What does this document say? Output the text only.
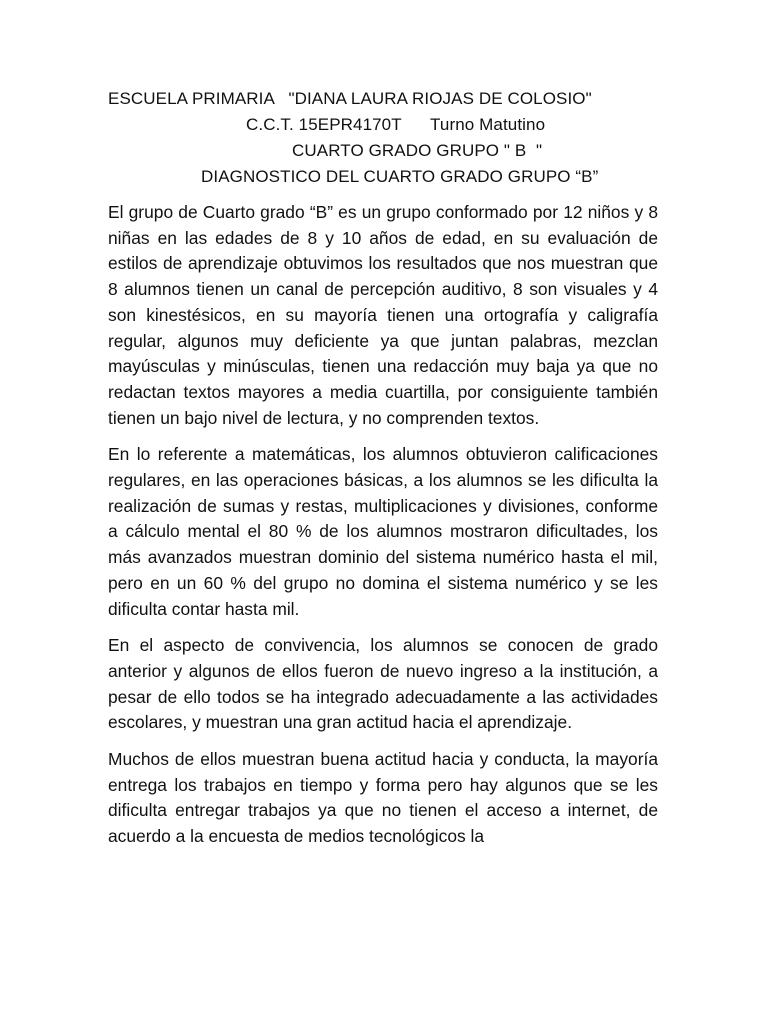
ESCUELA PRIMARIA   "DIANA LAURA RIOJAS DE COLOSIO"
C.C.T. 15EPR4170T      Turno Matutino
CUARTO GRADO GRUPO " B  "
DIAGNOSTICO DEL CUARTO GRADO GRUPO “B”

El grupo de Cuarto grado “B” es un grupo conformado por 12 niños y 8 niñas en las edades de 8 y 10 años de edad, en su evaluación de estilos de aprendizaje obtuvimos los resultados que nos muestran que 8 alumnos tienen un canal de percepción auditivo, 8 son visuales y 4 son kinestésicos, en su mayoría tienen una ortografía y caligrafía regular, algunos muy deficiente ya que juntan palabras, mezclan mayúsculas y minúsculas, tienen una redacción muy baja ya que no redactan textos mayores a media cuartilla, por consiguiente también tienen un bajo nivel de lectura, y no comprenden textos.

En lo referente a matemáticas, los alumnos obtuvieron calificaciones regulares, en las operaciones básicas, a los alumnos se les dificulta la realización de sumas y restas, multiplicaciones y divisiones, conforme a cálculo mental el 80 % de los alumnos mostraron dificultades, los más avanzados muestran dominio del sistema numérico hasta el mil, pero en un 60 % del grupo no domina el sistema numérico y se les dificulta contar hasta mil.

En el aspecto de convivencia, los alumnos se conocen de grado anterior y algunos de ellos fueron de nuevo ingreso a la institución, a pesar de ello todos se ha integrado adecuadamente a las actividades escolares, y muestran una gran actitud hacia el aprendizaje.

Muchos de ellos muestran buena actitud hacia y conducta, la mayoría entrega los trabajos en tiempo y forma pero hay algunos que se les dificulta entregar trabajos ya que no tienen el acceso a internet, de acuerdo a la encuesta de medios tecnológicos la
